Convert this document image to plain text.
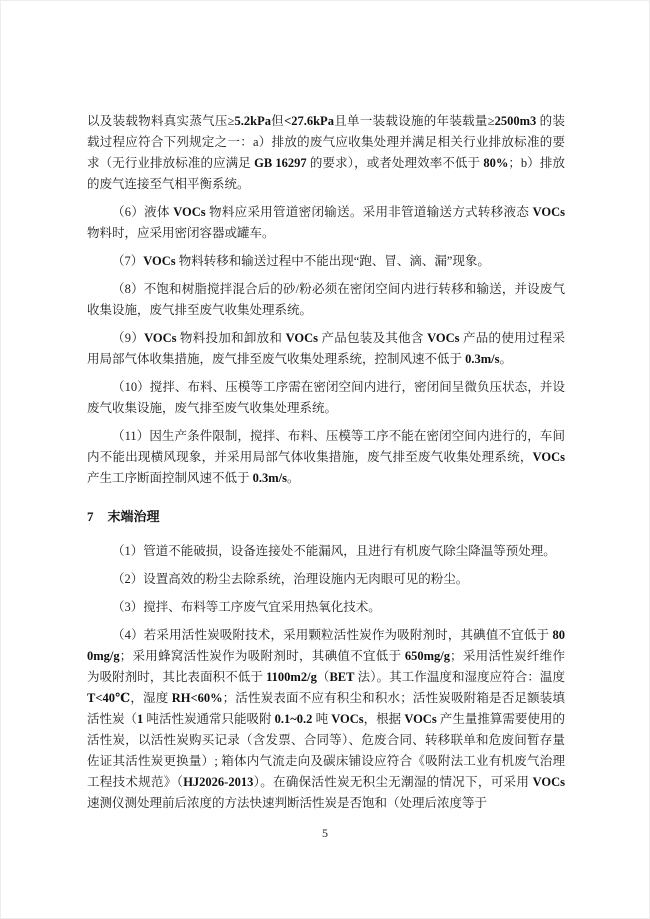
以及装载物料真实蒸气压≥5.2kPa但<27.6kPa且单一装载设施的年装载量≥2500m3 的装载过程应符合下列规定之一：a）排放的废气应收集处理并满足相关行业排放标准的要求（无行业排放标准的应满足 GB 16297 的要求），或者处理效率不低于 80%；b）排放的废气连接至气相平衡系统。

（6）液体 VOCs 物料应采用管道密闭输送。采用非管道输送方式转移液态 VOCs 物料时，应采用密闭容器或罐车。

（7）VOCs 物料转移和输送过程中不能出现“跑、冒、滴、漏”现象。

（8）不饱和树脂搅拌混合后的砂/粉必须在密闭空间内进行转移和输送，并设废气收集设施，废气排至废气收集处理系统。

（9）VOCs 物料投加和卸放和 VOCs 产品包装及其他含 VOCs 产品的使用过程采用局部气体收集措施，废气排至废气收集处理系统，控制风速不低于 0.3m/s。

（10）搅拌、布料、压模等工序需在密闭空间内进行，密闭间呈微负压状态，并设废气收集设施，废气排至废气收集处理系统。

（11）因生产条件限制，搅拌、布料、压模等工序不能在密闭空间内进行的，车间内不能出现横风现象，并采用局部气体收集措施，废气排至废气收集处理系统，VOCs 产生工序断面控制风速不低于 0.3m/s。

7 末端治理

（1）管道不能破损，设备连接处不能漏风，且进行有机废气除尘降温等预处理。

（2）设置高效的粉尘去除系统，治理设施内无肉眼可见的粉尘。

（3）搅拌、布料等工序废气宜采用热氧化技术。

（4）若采用活性炭吸附技术，采用颗粒活性炭作为吸附剂时，其碘值不宜低于 800mg/g；采用蜂窝活性炭作为吸附剂时，其碘值不宜低于 650mg/g；采用活性炭纤维作为吸附剂时，其比表面积不低于 1100m2/g（BET 法）。其工作温度和湿度应符合：温度 T<40℃，湿度 RH<60%；活性炭表面不应有积尘和积水；活性炭吸附箱是否足额装填活性炭（1 吨活性炭通常只能吸附 0.1~0.2 吨 VOCs，根据 VOCs 产生量推算需要使用的活性炭，以活性炭购买记录（含发票、合同等）、危废合同、转移联单和危废间暂存量佐证其活性炭更换量）; 箱体内气流走向及碳床铺设应符合《吸附法工业有机废气治理工程技术规范》（HJ2026-2013）。在确保活性炭无积尘无潮湿的情况下，可采用 VOCs 速测仪测处理前后浓度的方法快速判断活性炭是否饱和（处理后浓度等于

5
